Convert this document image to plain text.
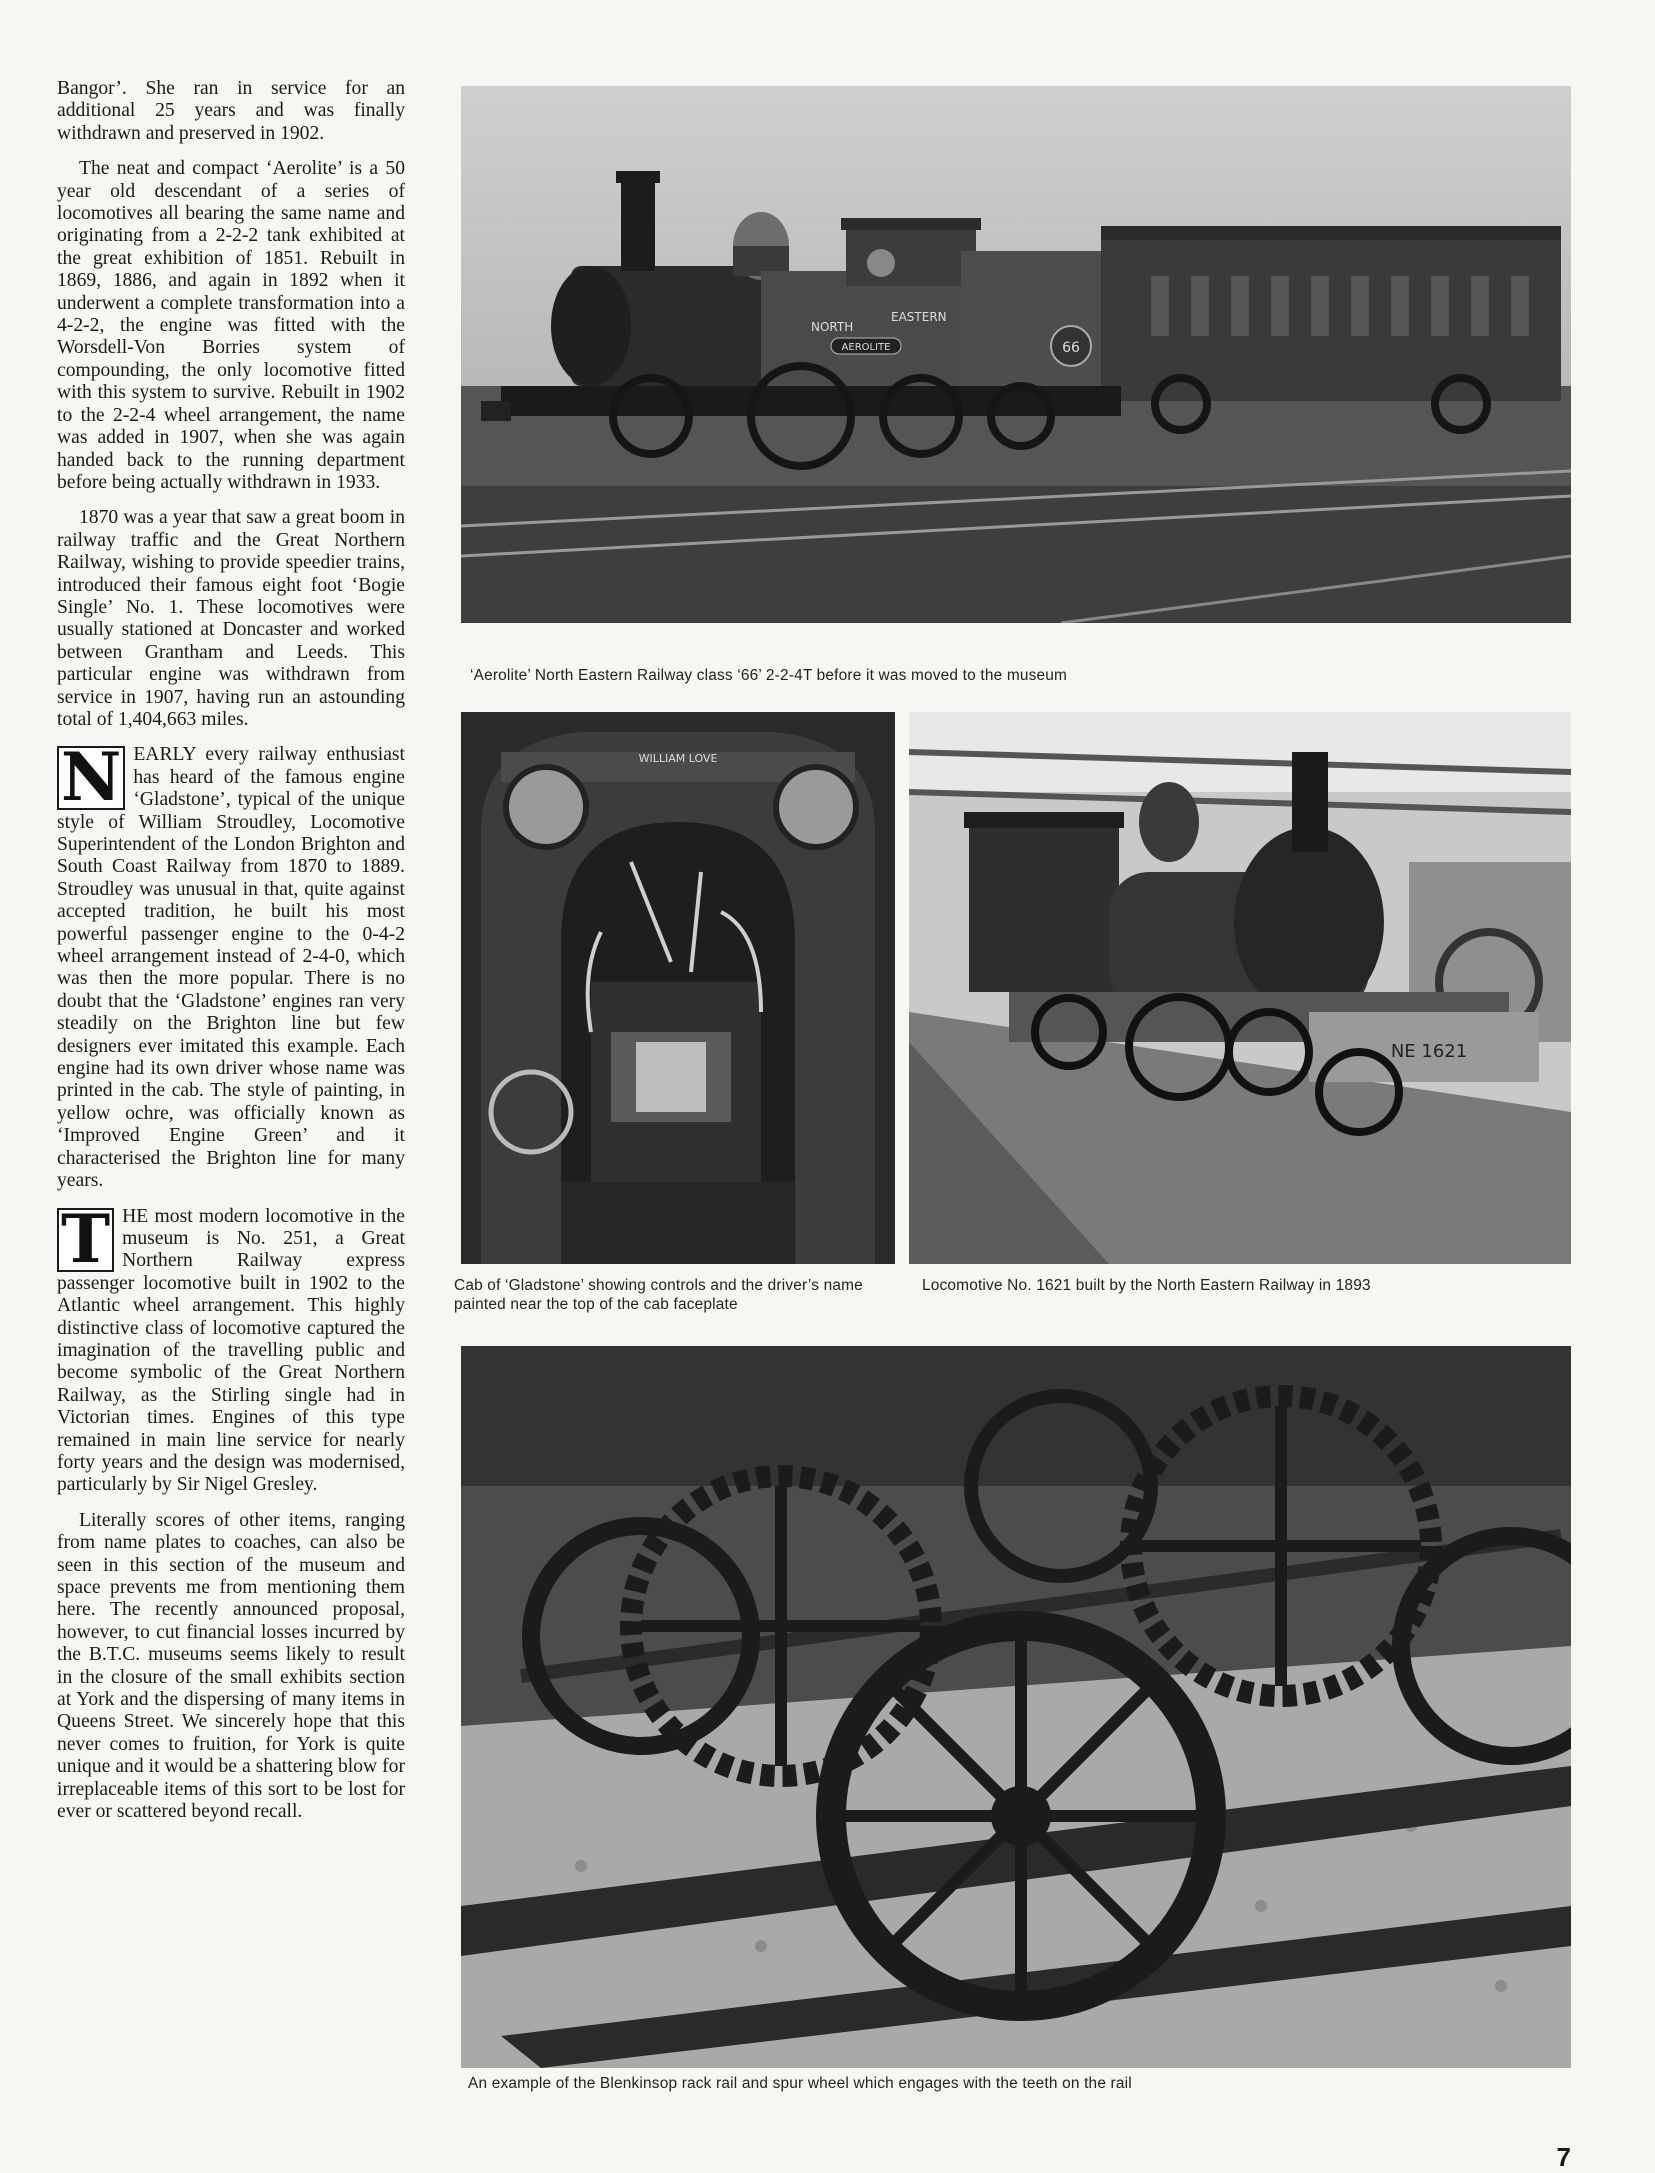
Bangor’. She ran in service for an additional 25 years and was finally withdrawn and preserved in 1902.

The neat and compact ‘Aerolite’ is a 50 year old descendant of a series of locomotives all bearing the same name and originating from a 2-2-2 tank exhibited at the great exhibition of 1851. Rebuilt in 1869, 1886, and again in 1892 when it underwent a complete transformation into a 4-2-2, the engine was fitted with the Worsdell-Von Borries system of compounding, the only locomotive fitted with this system to survive. Rebuilt in 1902 to the 2-2-4 wheel arrangement, the name was added in 1907, when she was again handed back to the running department before being actually withdrawn in 1933.

1870 was a year that saw a great boom in railway traffic and the Great Northern Railway, wishing to provide speedier trains, introduced their famous eight foot ‘Bogie Single’ No. 1. These locomotives were usually stationed at Doncaster and worked between Grantham and Leeds. This particular engine was withdrawn from service in 1907, having run an astounding total of 1,404,663 miles.

N EARLY every railway enthusiast has heard of the famous engine ‘Gladstone’, typical of the unique style of William Stroudley, Locomotive Superintendent of the London Brighton and South Coast Railway from 1870 to 1889. Stroudley was unusual in that, quite against accepted tradition, he built his most powerful passenger engine to the 0-4-2 wheel arrangement instead of 2-4-0, which was then the more popular. There is no doubt that the ‘Gladstone’ engines ran very steadily on the Brighton line but few designers ever imitated this example. Each engine had its own driver whose name was printed in the cab. The style of painting, in yellow ochre, was officially known as ‘Improved Engine Green’ and it characterised the Brighton line for many years.

T HE most modern locomotive in the museum is No. 251, a Great Northern Railway express passenger locomotive built in 1902 to the Atlantic wheel arrangement. This highly distinctive class of locomotive captured the imagination of the travelling public and become symbolic of the Great Northern Railway, as the Stirling single had in Victorian times. Engines of this type remained in main line service for nearly forty years and the design was modernised, particularly by Sir Nigel Gresley.

Literally scores of other items, ranging from name plates to coaches, can also be seen in this section of the museum and space prevents me from mentioning them here. The recently announced proposal, however, to cut financial losses incurred by the B.T.C. museums seems likely to result in the closure of the small exhibits section at York and the dispersing of many items in Queens Street. We sincerely hope that this never comes to fruition, for York is quite unique and it would be a shattering blow for irreplaceable items of this sort to be lost for ever or scattered beyond recall.

66
NORTH
EASTERN
AEROLITE
‘Aerolite’ North Eastern Railway class ‘66’ 2-2-4T before it was moved to the museum
WILLIAM LOVE
Cab of ‘Gladstone’ showing controls and the driver’s name painted near the top of the cab faceplate
NE 1621
Locomotive No. 1621 built by the North Eastern Railway in 1893
An example of the Blenkinsop rack rail and spur wheel which engages with the teeth on the rail
7
